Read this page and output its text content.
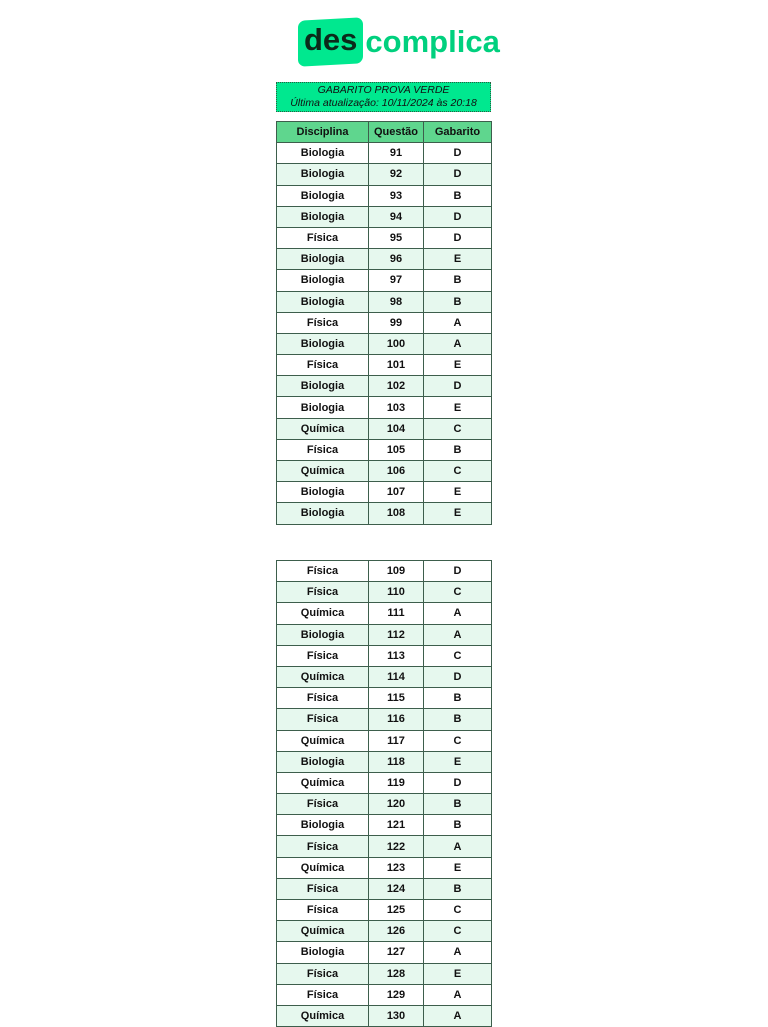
des complica
GABARITO PROVA VERDE
Última atualização: 10/11/2024 às 20:18
Disciplina	Questão	Gabarito
Biologia	91	D
Biologia	92	D
Biologia	93	B
Biologia	94	D
Física	95	D
Biologia	96	E
Biologia	97	B
Biologia	98	B
Física	99	A
Biologia	100	A
Física	101	E
Biologia	102	D
Biologia	103	E
Química	104	C
Física	105	B
Química	106	C
Biologia	107	E
Biologia	108	E
Física	109	D
Física	110	C
Química	111	A
Biologia	112	A
Física	113	C
Química	114	D
Física	115	B
Física	116	B
Química	117	C
Biologia	118	E
Química	119	D
Física	120	B
Biologia	121	B
Física	122	A
Química	123	E
Física	124	B
Física	125	C
Química	126	C
Biologia	127	A
Física	128	E
Física	129	A
Química	130	A
